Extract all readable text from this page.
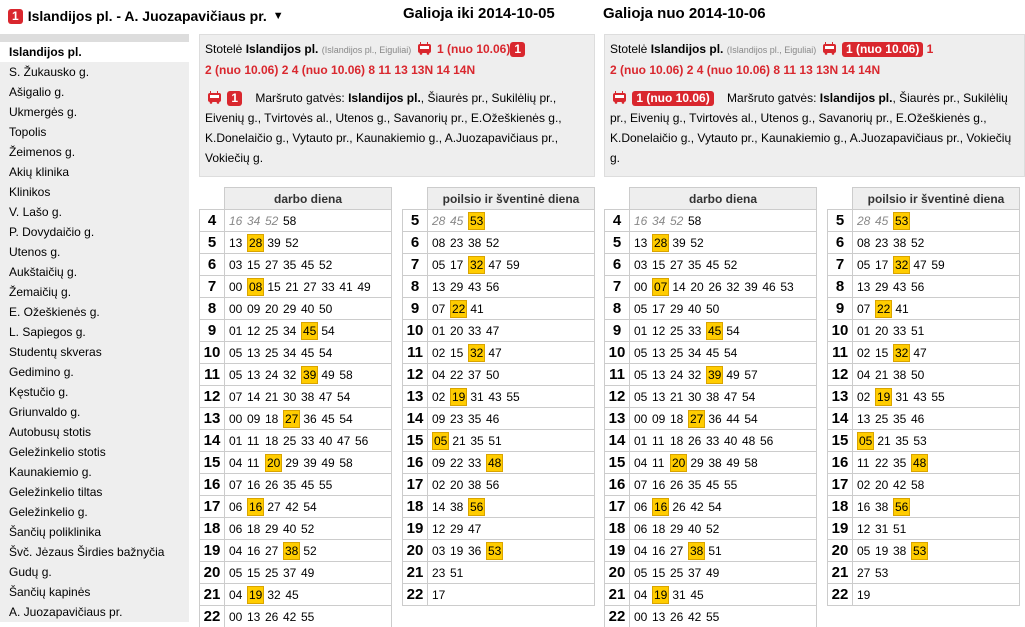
1 Islandijos pl. - A. Juozapavičiaus pr. ▼	Galioja iki 2014-10-05	Galioja nuo 2014-10-06
Islandijos pl.
S. Žukausko g.
Ašigalio g.
Ukmergės g.
Topolis
Žeimenos g.
Akių klinika
Klinikos
V. Lašo g.
P. Dovydaičio g.
Utenos g.
Aukštaičių g.
Žemaičių g.
E. Ožeškienės g.
L. Sapiegos g.
Studentų skveras
Gedimino g.
Kęstučio g.
Griunvaldo g.
Autobusų stotis
Geležinkelio stotis
Kaunakiemio g.
Geležinkelio tiltas
Geležinkelio g.
Šančių poliklinika
Švč. Jėzaus Širdies bažnyčia
Gudų g.
Šančių kapinės
A. Juozapavičiaus pr.
Stotelė Islandijos pl. (Islandijos pl., Eiguliai) 1 (nuo 10.06) 1
2 (nuo 10.06) 2 4 (nuo 10.06) 8 11 13 13N 14 14N
1 Maršruto gatvės: Islandijos pl., Šiaurės pr., Sukilėlių pr., Eivenių g., Tvirtovės al., Utenos g., Savanorių pr., E.Ožeškienės g., K.Donelaičio g., Vytauto pr., Kaunakiemio g., A.Juozapavičiaus pr., Vokiečių g.
Stotelė Islandijos pl. (Islandijos pl., Eiguliai) 1 (nuo 10.06) 1
2 (nuo 10.06) 2 4 (nuo 10.06) 8 11 13 13N 14 14N
1 (nuo 10.06) Maršruto gatvės: Islandijos pl., Šiaurės pr., Sukilėlių pr., Eivenių g., Tvirtovės al., Utenos g., Savanorių pr., E.Ožeškienės g., K.Donelaičio g., Vytauto pr., Kaunakiemio g., A.Juozapavičiaus pr., Vokiečių g.
	darbo diena
4	16 34 52 58
5	13 28 39 52
6	03 15 27 35 45 52
7	00 08 15 21 27 33 41 49
8	00 09 20 29 40 50
9	01 12 25 34 45 54
10	05 13 25 34 45 54
11	05 13 24 32 39 49 58
12	07 14 21 30 38 47 54
13	00 09 18 27 36 45 54
14	01 11 18 25 33 40 47 56
15	04 11 20 29 39 49 58
16	07 16 26 35 45 55
17	06 16 27 42 54
18	06 18 29 40 52
19	04 16 27 38 52
20	05 15 25 37 49
21	04 19 32 45
22	00 13 26 42 55
	poilsio ir šventinė diena
5	28 45 53
6	08 23 38 52
7	05 17 32 47 59
8	13 29 43 56
9	07 22 41
10	01 20 33 47
11	02 15 32 47
12	04 22 37 50
13	02 19 31 43 55
14	09 23 35 46
15	05 21 35 51
16	09 22 33 48
17	02 20 38 56
18	14 38 56
19	12 29 47
20	03 19 36 53
21	23 51
22	17
	darbo diena
4	16 34 52 58
5	13 28 39 52
6	03 15 27 35 45 52
7	00 07 14 20 26 32 39 46 53
8	05 17 29 40 50
9	01 12 25 33 45 54
10	05 13 25 34 45 54
11	05 13 24 32 39 49 57
12	05 13 21 30 38 47 54
13	00 09 18 27 36 44 54
14	01 11 18 26 33 40 48 56
15	04 11 20 29 38 49 58
16	07 16 26 35 45 55
17	06 16 26 42 54
18	06 18 29 40 52
19	04 16 27 38 51
20	05 15 25 37 49
21	04 19 31 45
22	00 13 26 42 55
	poilsio ir šventinė diena
5	28 45 53
6	08 23 38 52
7	05 17 32 47 59
8	13 29 43 56
9	07 22 41
10	01 20 33 51
11	02 15 32 47
12	04 21 38 50
13	02 19 31 43 55
14	13 25 35 46
15	05 21 35 53
16	11 22 35 48
17	02 20 42 58
18	16 38 56
19	12 31 51
20	05 19 38 53
21	27 53
22	19
